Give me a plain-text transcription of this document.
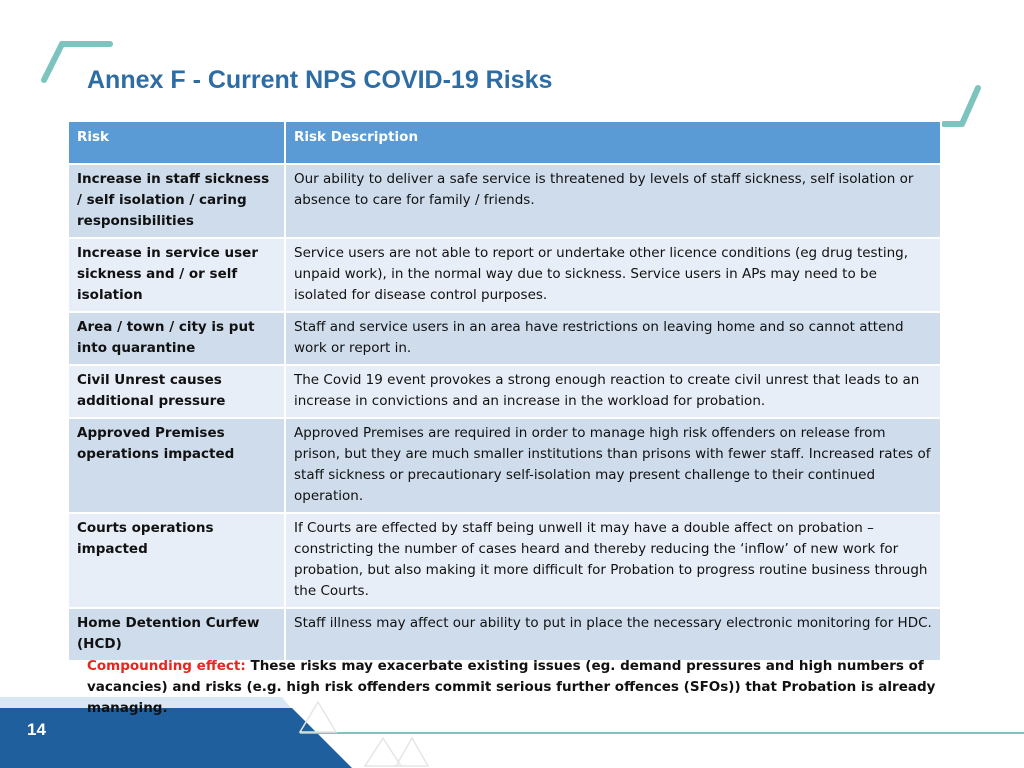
Annex F - Current NPS COVID-19 Risks
Risk	Risk Description
Increase in staff sickness / self isolation / caring responsibilities	Our ability to deliver a safe service is threatened by levels of staff sickness, self isolation or absence to care for family / friends.
Increase in service user sickness and / or self isolation	Service users are not able to report or undertake other licence conditions (eg drug testing, unpaid work), in the normal way due to sickness. Service users in APs may need to be isolated for disease control purposes.
Area / town / city is put into quarantine	Staff and service users in an area have restrictions on leaving home and so cannot attend work or report in.
Civil Unrest causes additional pressure	The Covid 19 event provokes a strong enough reaction to create civil unrest that leads to an increase in convictions and an increase in the workload for probation.
Approved Premises operations impacted	Approved Premises are required in order to manage high risk offenders on release from prison, but they are much smaller institutions than prisons with fewer staff. Increased rates of staff sickness or precautionary self-isolation may present challenge to their continued operation.
Courts operations impacted	If Courts are effected by staff being unwell it may have a double affect on probation – constricting the number of cases heard and thereby reducing the ‘inflow’ of new work for probation, but also making it more difficult for Probation to progress routine business through the Courts.
Home Detention Curfew (HCD)	Staff illness may affect our ability to put in place the necessary electronic monitoring for HDC.
Compounding effect: These risks may exacerbate existing issues (eg. demand pressures and high numbers of vacancies) and risks (e.g. high risk offenders commit serious further offences (SFOs)) that Probation is already managing.
14
